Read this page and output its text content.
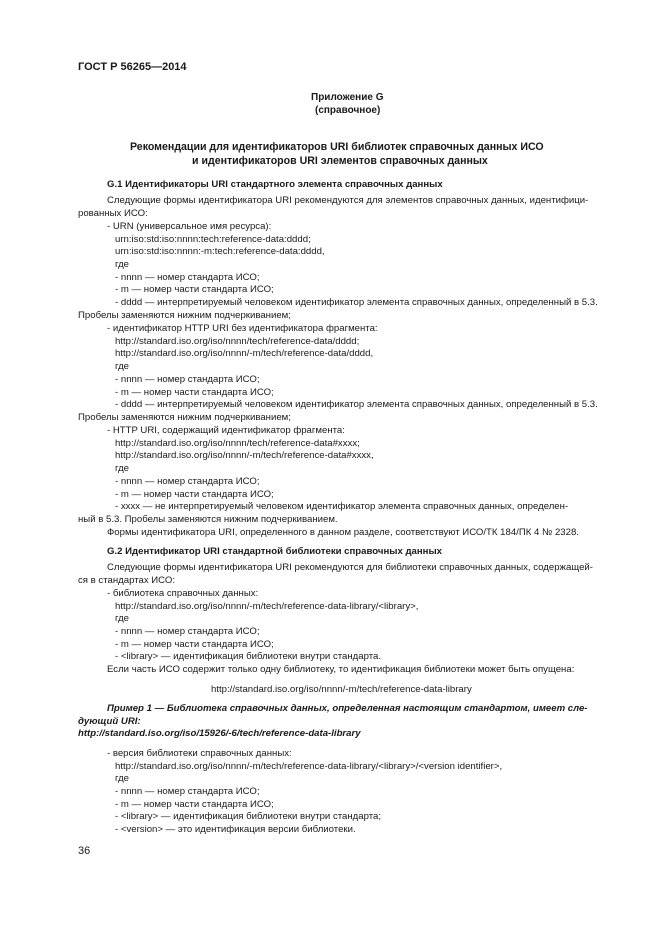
ГОСТ Р 56265—2014
Приложение G
(справочное)
Рекомендации для идентификаторов URI библиотек справочных данных ИСО
и идентификаторов URI элементов справочных данных
G.1 Идентификаторы URI стандартного элемента справочных данных
Следующие формы идентификатора URI рекомендуются для элементов справочных данных, идентифици-
рованных ИСО:
- URN (универсальное имя ресурса):
urn:iso:std:iso:nnnn:tech:reference-data:dddd;
urn:iso:std:iso:nnnn:-m:tech:reference-data:dddd,
где
- nnnn — номер стандарта ИСО;
- m — номер части стандарта ИСО;
- dddd — интерпретируемый человеком идентификатор элемента справочных данных, определенный в 5.3.
Пробелы заменяются нижним подчеркиванием;
- идентификатор HTTP URI без идентификатора фрагмента:
http://standard.iso.org/iso/nnnn/tech/reference-data/dddd;
http://standard.iso.org/iso/nnnn/-m/tech/reference-data/dddd,
где
- nnnn — номер стандарта ИСО;
- m — номер части стандарта ИСО;
- dddd — интерпретируемый человеком идентификатор элемента справочных данных, определенный в 5.3.
Пробелы заменяются нижним подчеркиванием;
- HTTP URI, содержащий идентификатор фрагмента:
http://standard.iso.org/iso/nnnn/tech/reference-data#xxxx;
http://standard.iso.org/iso/nnnn/-m/tech/reference-data#xxxx,
где
- nnnn — номер стандарта ИСО;
- m — номер части стандарта ИСО;
- xxxx — не интерпретируемый человеком идентификатор элемента справочных данных, определен-
ный в 5.3. Пробелы заменяются нижним подчеркиванием.
Формы идентификатора URI, определенного в данном разделе, соответствуют ИСО/ТК 184/ПК 4 № 2328.
G.2 Идентификатор URI стандартной библиотеки справочных данных
Следующие формы идентификатора URI рекомендуются для библиотеки справочных данных, содержащей-
ся в стандартах ИСО:
- библиотека справочных данных:
http://standard.iso.org/iso/nnnn/-m/tech/reference-data-library/<library>,
где
- nnnn — номер стандарта ИСО;
- m — номер части стандарта ИСО;
- <library> — идентификация библиотеки внутри стандарта.
Если часть ИСО содержит только одну библиотеку, то идентификация библиотеки может быть опущена:
http://standard.iso.org/iso/nnnn/-m/tech/reference-data-library
Пример 1 — Библиотека справочных данных, определенная настоящим стандартом, имеет сле-
дующий URI:
http://standard.iso.org/iso/15926/-6/tech/reference-data-library
- версия библиотеки справочных данных:
http://standard.iso.org/iso/nnnn/-m/tech/reference-data-library/<library>/<version identifier>,
где
- nnnn — номер стандарта ИСО;
- m — номер части стандарта ИСО;
- <library> — идентификация библиотеки внутри стандарта;
- <version> — это идентификация версии библиотеки.
36
